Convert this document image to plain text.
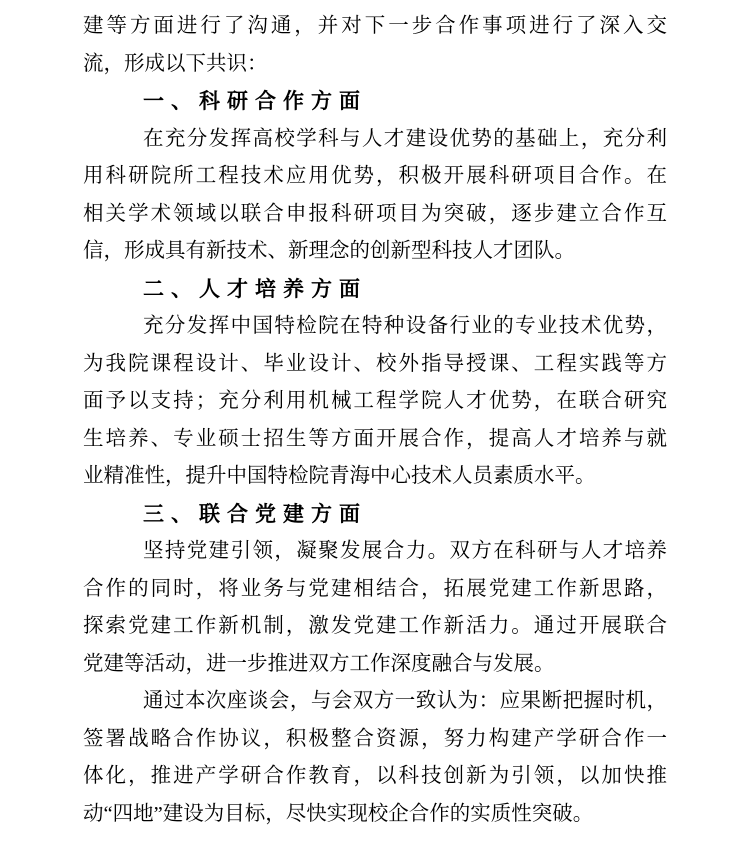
建等方面进行了沟通，并对下一步合作事项进行了深入交
流，形成以下共识：
一、科研合作方面
在充分发挥高校学科与人才建设优势的基础上，充分利
用科研院所工程技术应用优势，积极开展科研项目合作。在
相关学术领域以联合申报科研项目为突破，逐步建立合作互
信，形成具有新技术、新理念的创新型科技人才团队。
二、人才培养方面
充分发挥中国特检院在特种设备行业的专业技术优势，
为我院课程设计、毕业设计、校外指导授课、工程实践等方
面予以支持；充分利用机械工程学院人才优势，在联合研究
生培养、专业硕士招生等方面开展合作，提高人才培养与就
业精准性，提升中国特检院青海中心技术人员素质水平。
三、联合党建方面
坚持党建引领，凝聚发展合力。双方在科研与人才培养
合作的同时，将业务与党建相结合，拓展党建工作新思路，
探索党建工作新机制，激发党建工作新活力。通过开展联合
党建等活动，进一步推进双方工作深度融合与发展。
通过本次座谈会，与会双方一致认为：应果断把握时机，
签署战略合作协议，积极整合资源，努力构建产学研合作一
体化，推进产学研合作教育，以科技创新为引领，以加快推
动“四地”建设为目标，尽快实现校企合作的实质性突破。
